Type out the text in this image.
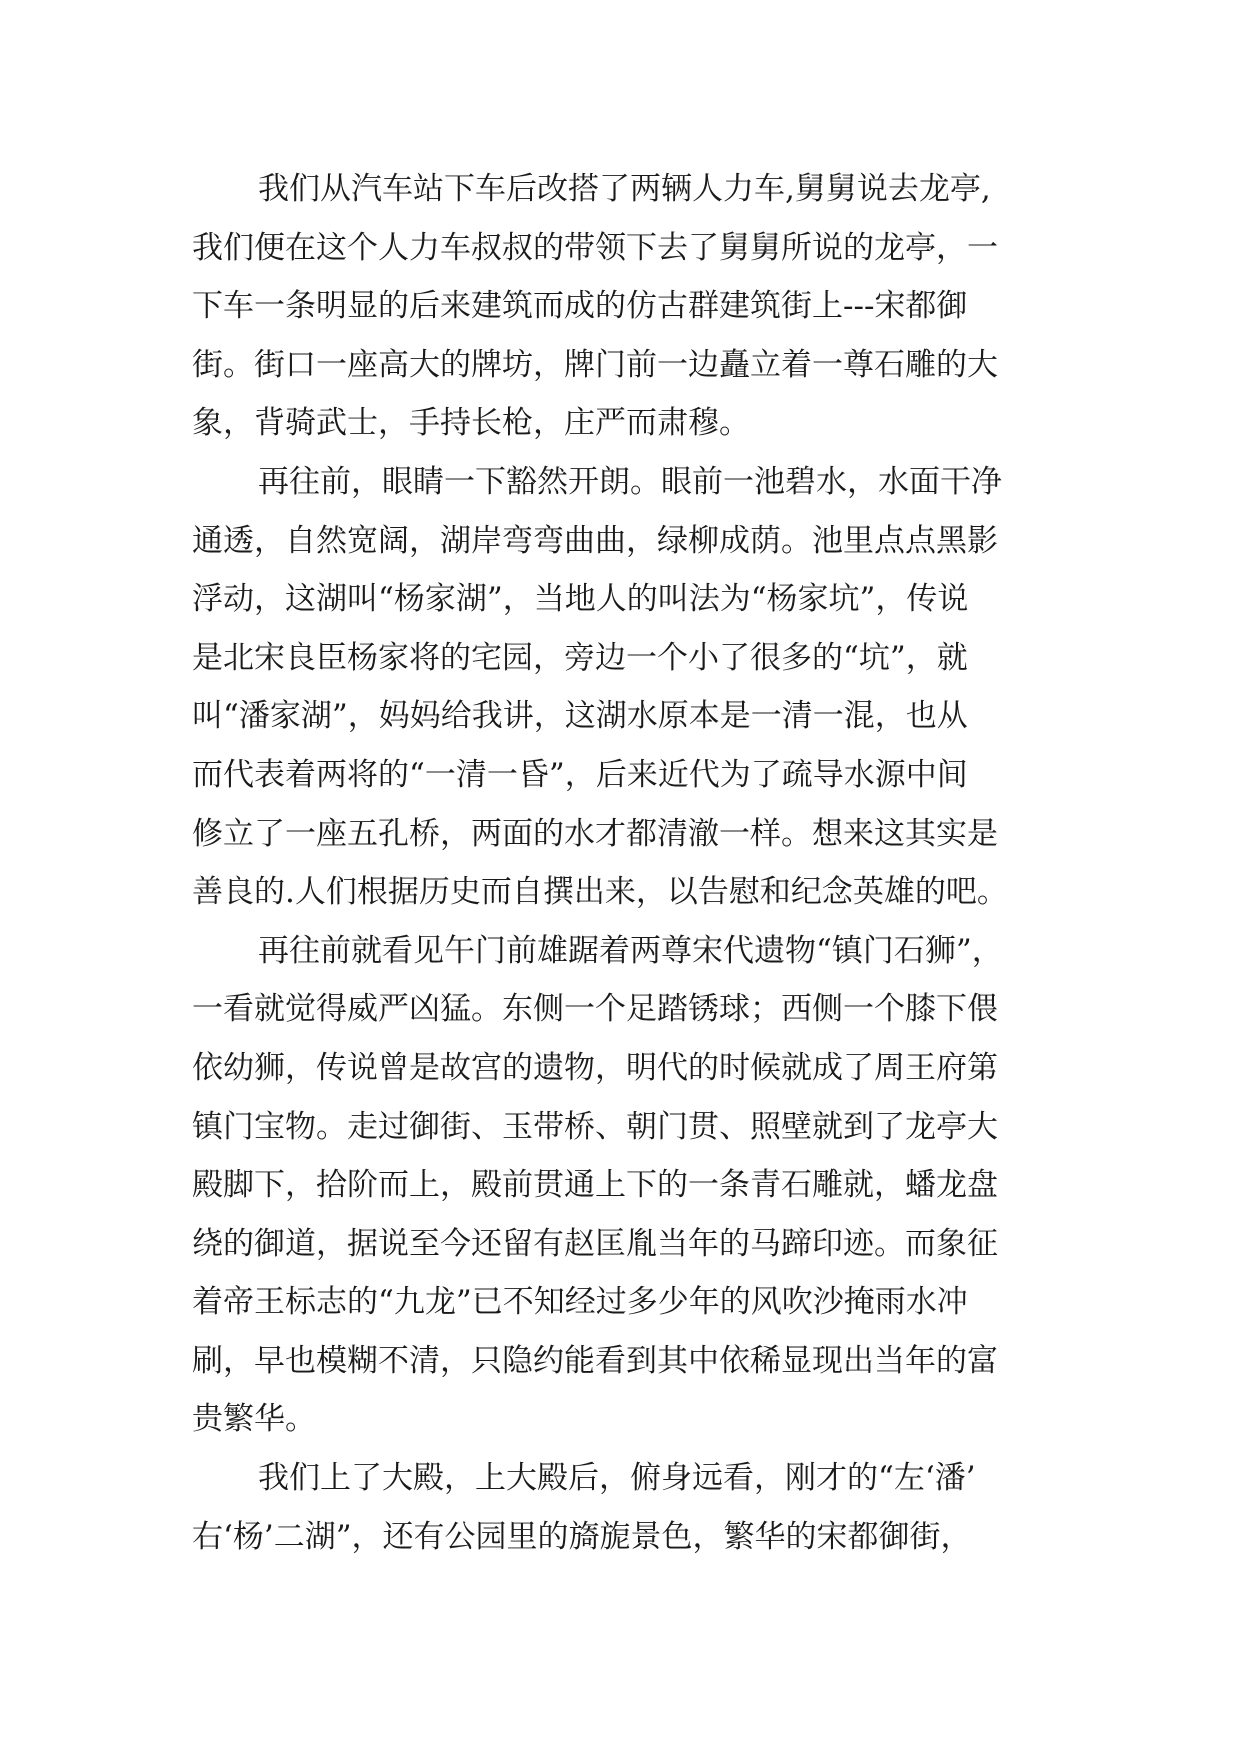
我们从汽车站下车后改搭了两辆人力车,舅舅说去龙亭,
我们便在这个人力车叔叔的带领下去了舅舅所说的龙亭，一
下车一条明显的后来建筑而成的仿古群建筑街上---宋都御
街。街口一座高大的牌坊，牌门前一边矗立着一尊石雕的大
象，背骑武士，手持长枪，庄严而肃穆。
再往前，眼睛一下豁然开朗。眼前一池碧水，水面干净
通透，自然宽阔，湖岸弯弯曲曲，绿柳成荫。池里点点黑影
浮动，这湖叫“杨家湖”，当地人的叫法为“杨家坑”，传说
是北宋良臣杨家将的宅园，旁边一个小了很多的“坑”，就
叫“潘家湖”，妈妈给我讲，这湖水原本是一清一混，也从
而代表着两将的“一清一昏”，后来近代为了疏导水源中间
修立了一座五孔桥，两面的水才都清澈一样。想来这其实是
善良的.人们根据历史而自撰出来，以告慰和纪念英雄的吧。
再往前就看见午门前雄踞着两尊宋代遗物“镇门石狮”，
一看就觉得威严凶猛。东侧一个足踏锈球；西侧一个膝下偎
依幼狮，传说曾是故宫的遗物，明代的时候就成了周王府第
镇门宝物。走过御街、玉带桥、朝门贯、照壁就到了龙亭大
殿脚下，拾阶而上，殿前贯通上下的一条青石雕就，蟠龙盘
绕的御道，据说至今还留有赵匡胤当年的马蹄印迹。而象征
着帝王标志的“九龙”已不知经过多少年的风吹沙掩雨水冲
刷，早也模糊不清，只隐约能看到其中依稀显现出当年的富
贵繁华。
我们上了大殿，上大殿后，俯身远看，刚才的“左‘潘’
右‘杨’二湖”，还有公园里的旖旎景色，繁华的宋都御街，
